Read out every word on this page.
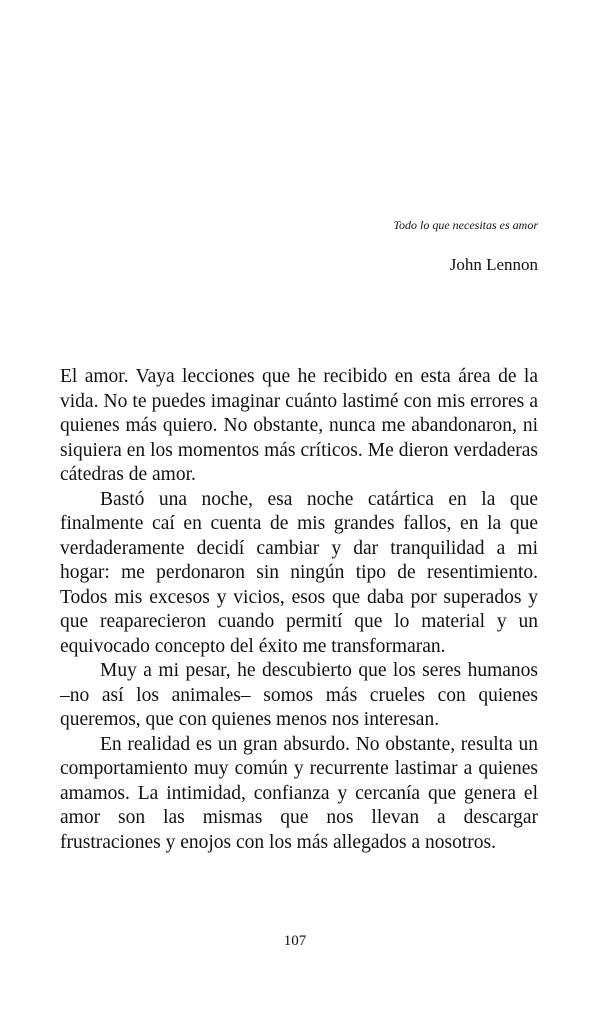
Todo lo que necesitas es amor
John Lennon

El amor. Vaya lecciones que he recibido en esta área de la vida. No te puedes imaginar cuánto lastimé con mis errores a quienes más quiero. No obstante, nunca me abandonaron, ni siquiera en los momentos más críticos. Me dieron verdaderas cátedras de amor.

Bastó una noche, esa noche catártica en la que finalmente caí en cuenta de mis grandes fallos, en la que verdaderamente decidí cambiar y dar tranquilidad a mi hogar: me perdonaron sin ningún tipo de resentimiento. Todos mis excesos y vicios, esos que daba por superados y que reaparecieron cuando permití que lo material y un equivocado concepto del éxito me transformaran.

Muy a mi pesar, he descubierto que los seres humanos –no así los animales– somos más crueles con quienes queremos, que con quienes menos nos interesan.

En realidad es un gran absurdo. No obstante, resulta un comportamiento muy común y recurrente lastimar a quienes amamos. La intimidad, confianza y cercanía que genera el amor son las mismas que nos llevan a descargar frustraciones y enojos con los más allegados a nosotros.

107
